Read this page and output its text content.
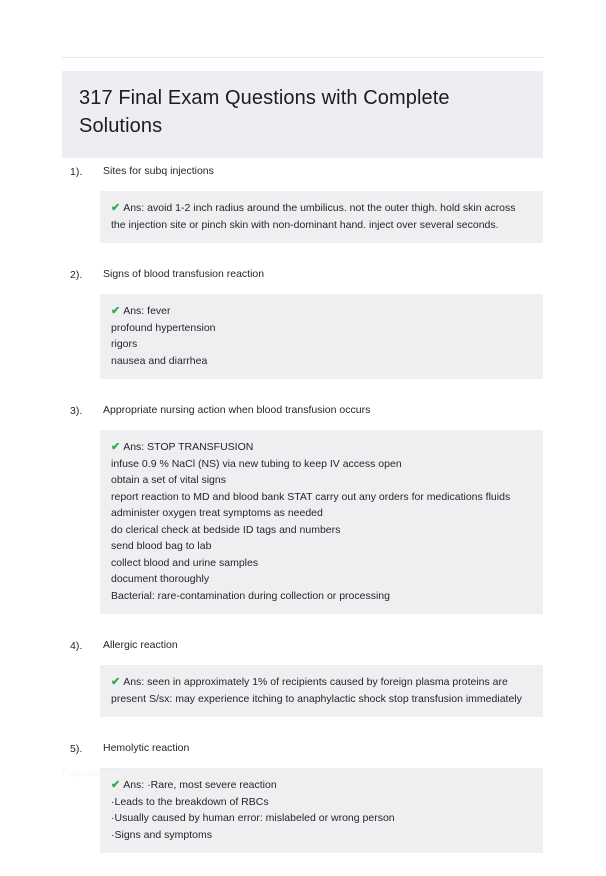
317 Final Exam Questions with Complete Solutions
1).	Sites for subq injections
✔ Ans: avoid 1-2 inch radius around the umbilicus. not the outer thigh. hold skin across the injection site or pinch skin with non-dominant hand. inject over several seconds.
2).	Signs of blood transfusion reaction
✔ Ans: fever
profound hypertension
rigors
nausea and diarrhea
3).	Appropriate nursing action when blood transfusion occurs
✔ Ans: STOP TRANSFUSION
infuse 0.9 % NaCl (NS) via new tubing to keep IV access open
obtain a set of vital signs
report reaction to MD and blood bank STAT carry out any orders for medications fluids
administer oxygen treat symptoms as needed
do clerical check at bedside ID tags and numbers
send blood bag to lab
collect blood and urine samples
document thoroughly
Bacterial: rare-contamination during collection or processing
4).	Allergic reaction
✔ Ans: seen in approximately 1% of recipients caused by foreign plasma proteins are present S/sx: may experience itching to anaphylactic shock stop transfusion immediately
5).	Hemolytic reaction
✔ Ans: ·Rare, most severe reaction
·Leads to the breakdown of RBCs
·Usually caused by human error: mislabeled or wrong person
·Signs and symptoms
PaperStic.com	Page 1 of 14
